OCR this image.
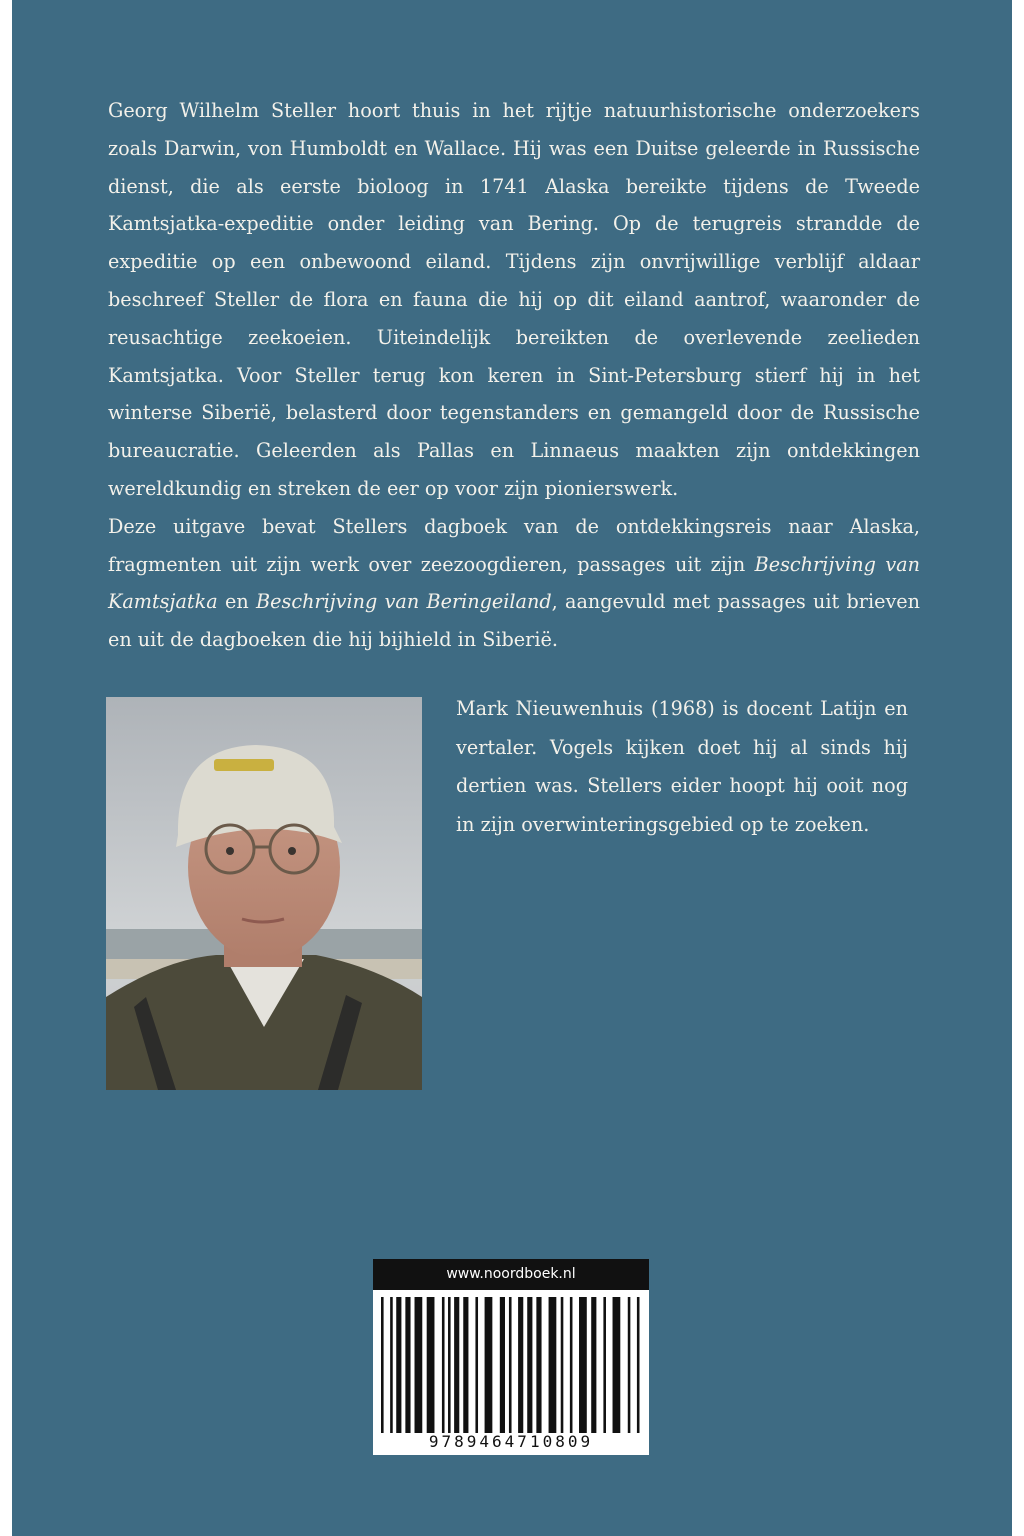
Georg Wilhelm Steller hoort thuis in het rijtje natuurhistorische onderzoekers zoals Darwin, von Humboldt en Wallace. Hij was een Duitse geleerde in Russische dienst, die als eerste bioloog in 1741 Alaska bereikte tijdens de Tweede Kamtsjatka-expeditie onder leiding van Bering. Op de terugreis strandde de expeditie op een onbewoond eiland. Tijdens zijn onvrijwillige verblijf aldaar beschreef Steller de flora en fauna die hij op dit eiland aantrof, waaronder de reusachtige zeekoeien. Uiteindelijk bereikten de overlevende zeelieden Kamtsjatka. Voor Steller terug kon keren in Sint-Petersburg stierf hij in het winterse Siberië, belasterd door tegenstanders en gemangeld door de Russische bureaucratie. Geleerden als Pallas en Linnaeus maakten zijn ontdekkingen wereldkundig en streken de eer op voor zijn pionierswerk.

Deze uitgave bevat Stellers dagboek van de ontdekkingsreis naar Alaska, fragmenten uit zijn werk over zeezoogdieren, passages uit zijn Beschrijving van Kamtsjatka en Beschrijving van Beringeiland, aangevuld met passages uit brieven en uit de dagboeken die hij bijhield in Siberië.

Mark Nieuwenhuis (1968) is docent Latijn en vertaler. Vogels kijken doet hij al sinds hij dertien was. Stellers eider hoopt hij ooit nog in zijn overwinteringsgebied op te zoeken.

www.noordboek.nl
9789464710809
